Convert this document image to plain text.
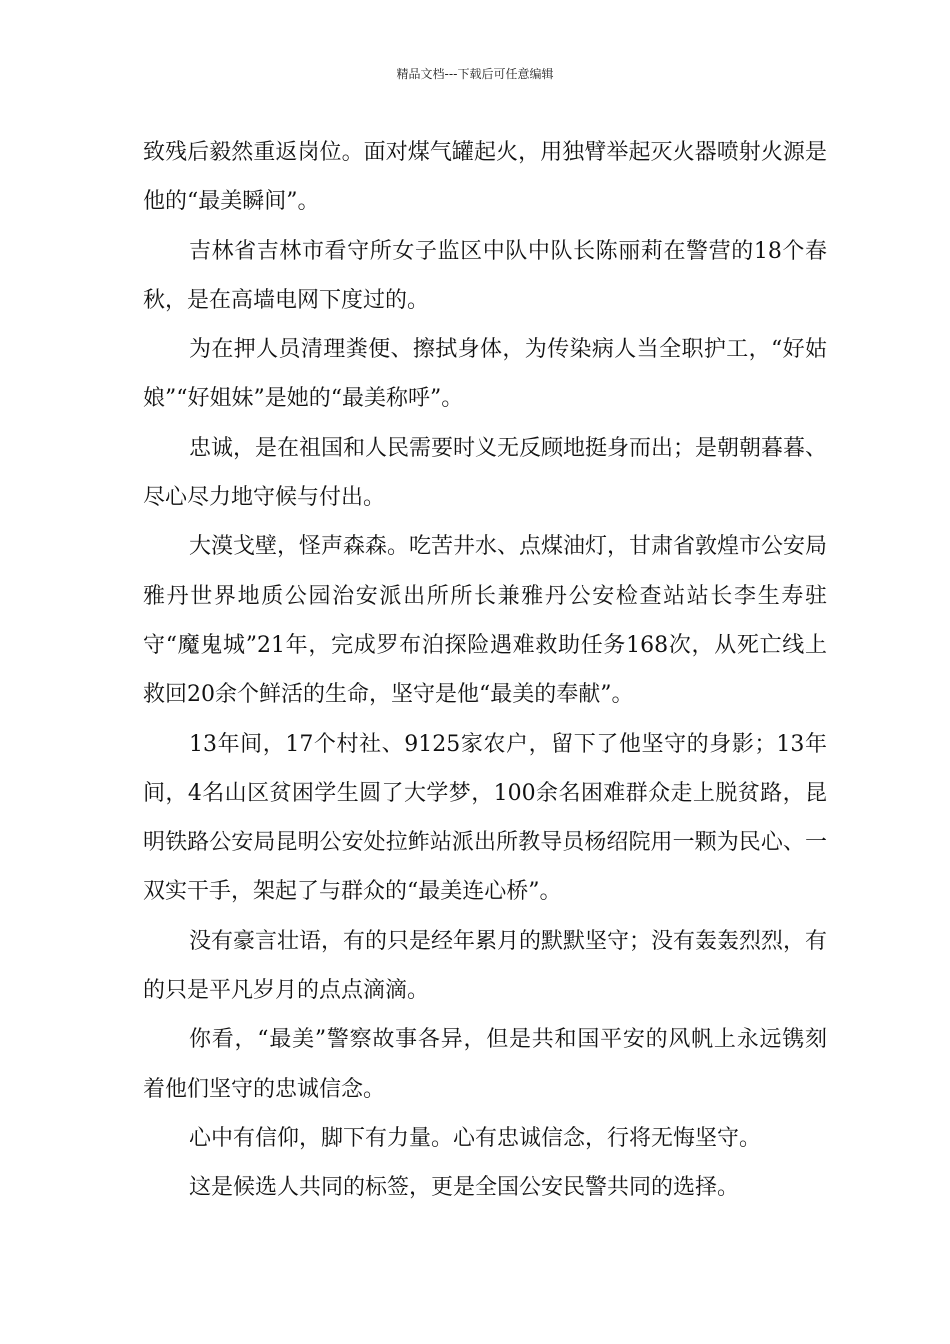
精品文档---下载后可任意编辑

致残后毅然重返岗位。面对煤气罐起火，用独臂举起灭火器喷射火源是他的“最美瞬间”。

吉林省吉林市看守所女子监区中队中队长陈丽莉在警营的18个春秋，是在高墙电网下度过的。

为在押人员清理粪便、擦拭身体，为传染病人当全职护工，“好姑娘”“好姐妹”是她的“最美称呼”。

忠诚，是在祖国和人民需要时义无反顾地挺身而出；是朝朝暮暮、尽心尽力地守候与付出。

大漠戈壁，怪声森森。吃苦井水、点煤油灯，甘肃省敦煌市公安局雅丹世界地质公园治安派出所所长兼雅丹公安检查站站长李生寿驻守“魔鬼城”21年，完成罗布泊探险遇难救助任务168次，从死亡线上救回20余个鲜活的生命，坚守是他“最美的奉献”。

13年间，17个村社、9125家农户，留下了他坚守的身影；13年间，4名山区贫困学生圆了大学梦，100余名困难群众走上脱贫路，昆明铁路公安局昆明公安处拉鲊站派出所教导员杨绍院用一颗为民心、一双实干手，架起了与群众的“最美连心桥”。

没有豪言壮语，有的只是经年累月的默默坚守；没有轰轰烈烈，有的只是平凡岁月的点点滴滴。

你看，“最美”警察故事各异，但是共和国平安的风帆上永远镌刻着他们坚守的忠诚信念。

心中有信仰，脚下有力量。心有忠诚信念，行将无悔坚守。

这是候选人共同的标签，更是全国公安民警共同的选择。
